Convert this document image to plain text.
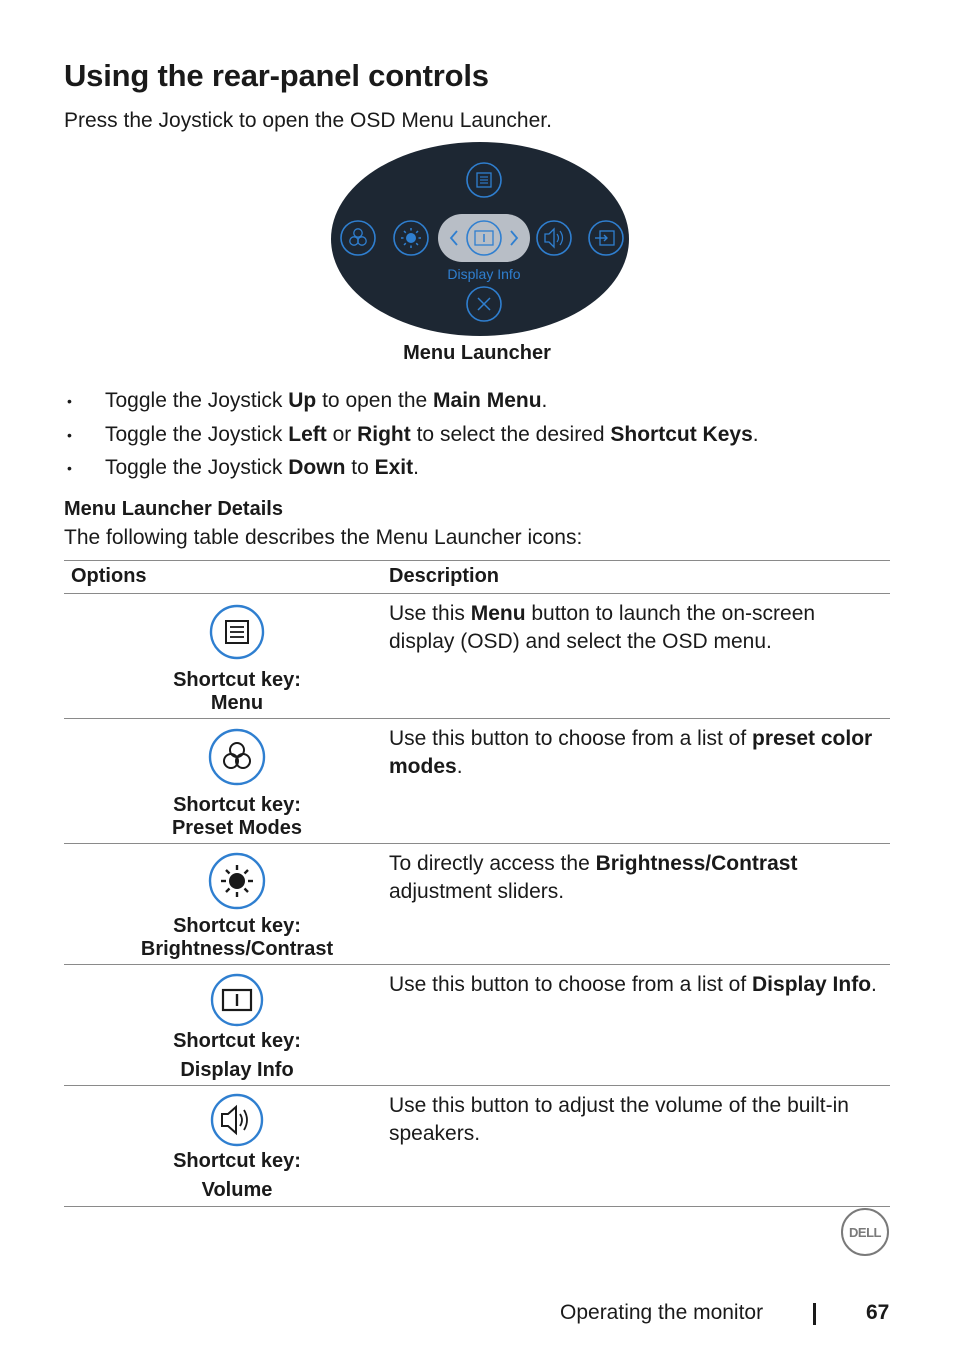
Using the rear-panel controls
Press the Joystick to open the OSD Menu Launcher.
Display Info
Menu Launcher
• Toggle the Joystick Up to open the Main Menu.
• Toggle the Joystick Left or Right to select the desired Shortcut Keys.
• Toggle the Joystick Down to Exit.
Menu Launcher Details
The following table describes the Menu Launcher icons:
Options	Description
Shortcut key:
Menu
Use this Menu button to launch the on-screen display (OSD) and select the OSD menu.
Shortcut key:
Preset Modes
Use this button to choose from a list of preset color modes.
Shortcut key:
Brightness/Contrast
To directly access the Brightness/Contrast adjustment sliders.
Shortcut key:
Display Info
Use this button to choose from a list of Display Info.
Shortcut key:
Volume
Use this button to adjust the volume of the built-in speakers.
DELL
Operating the monitor	67
